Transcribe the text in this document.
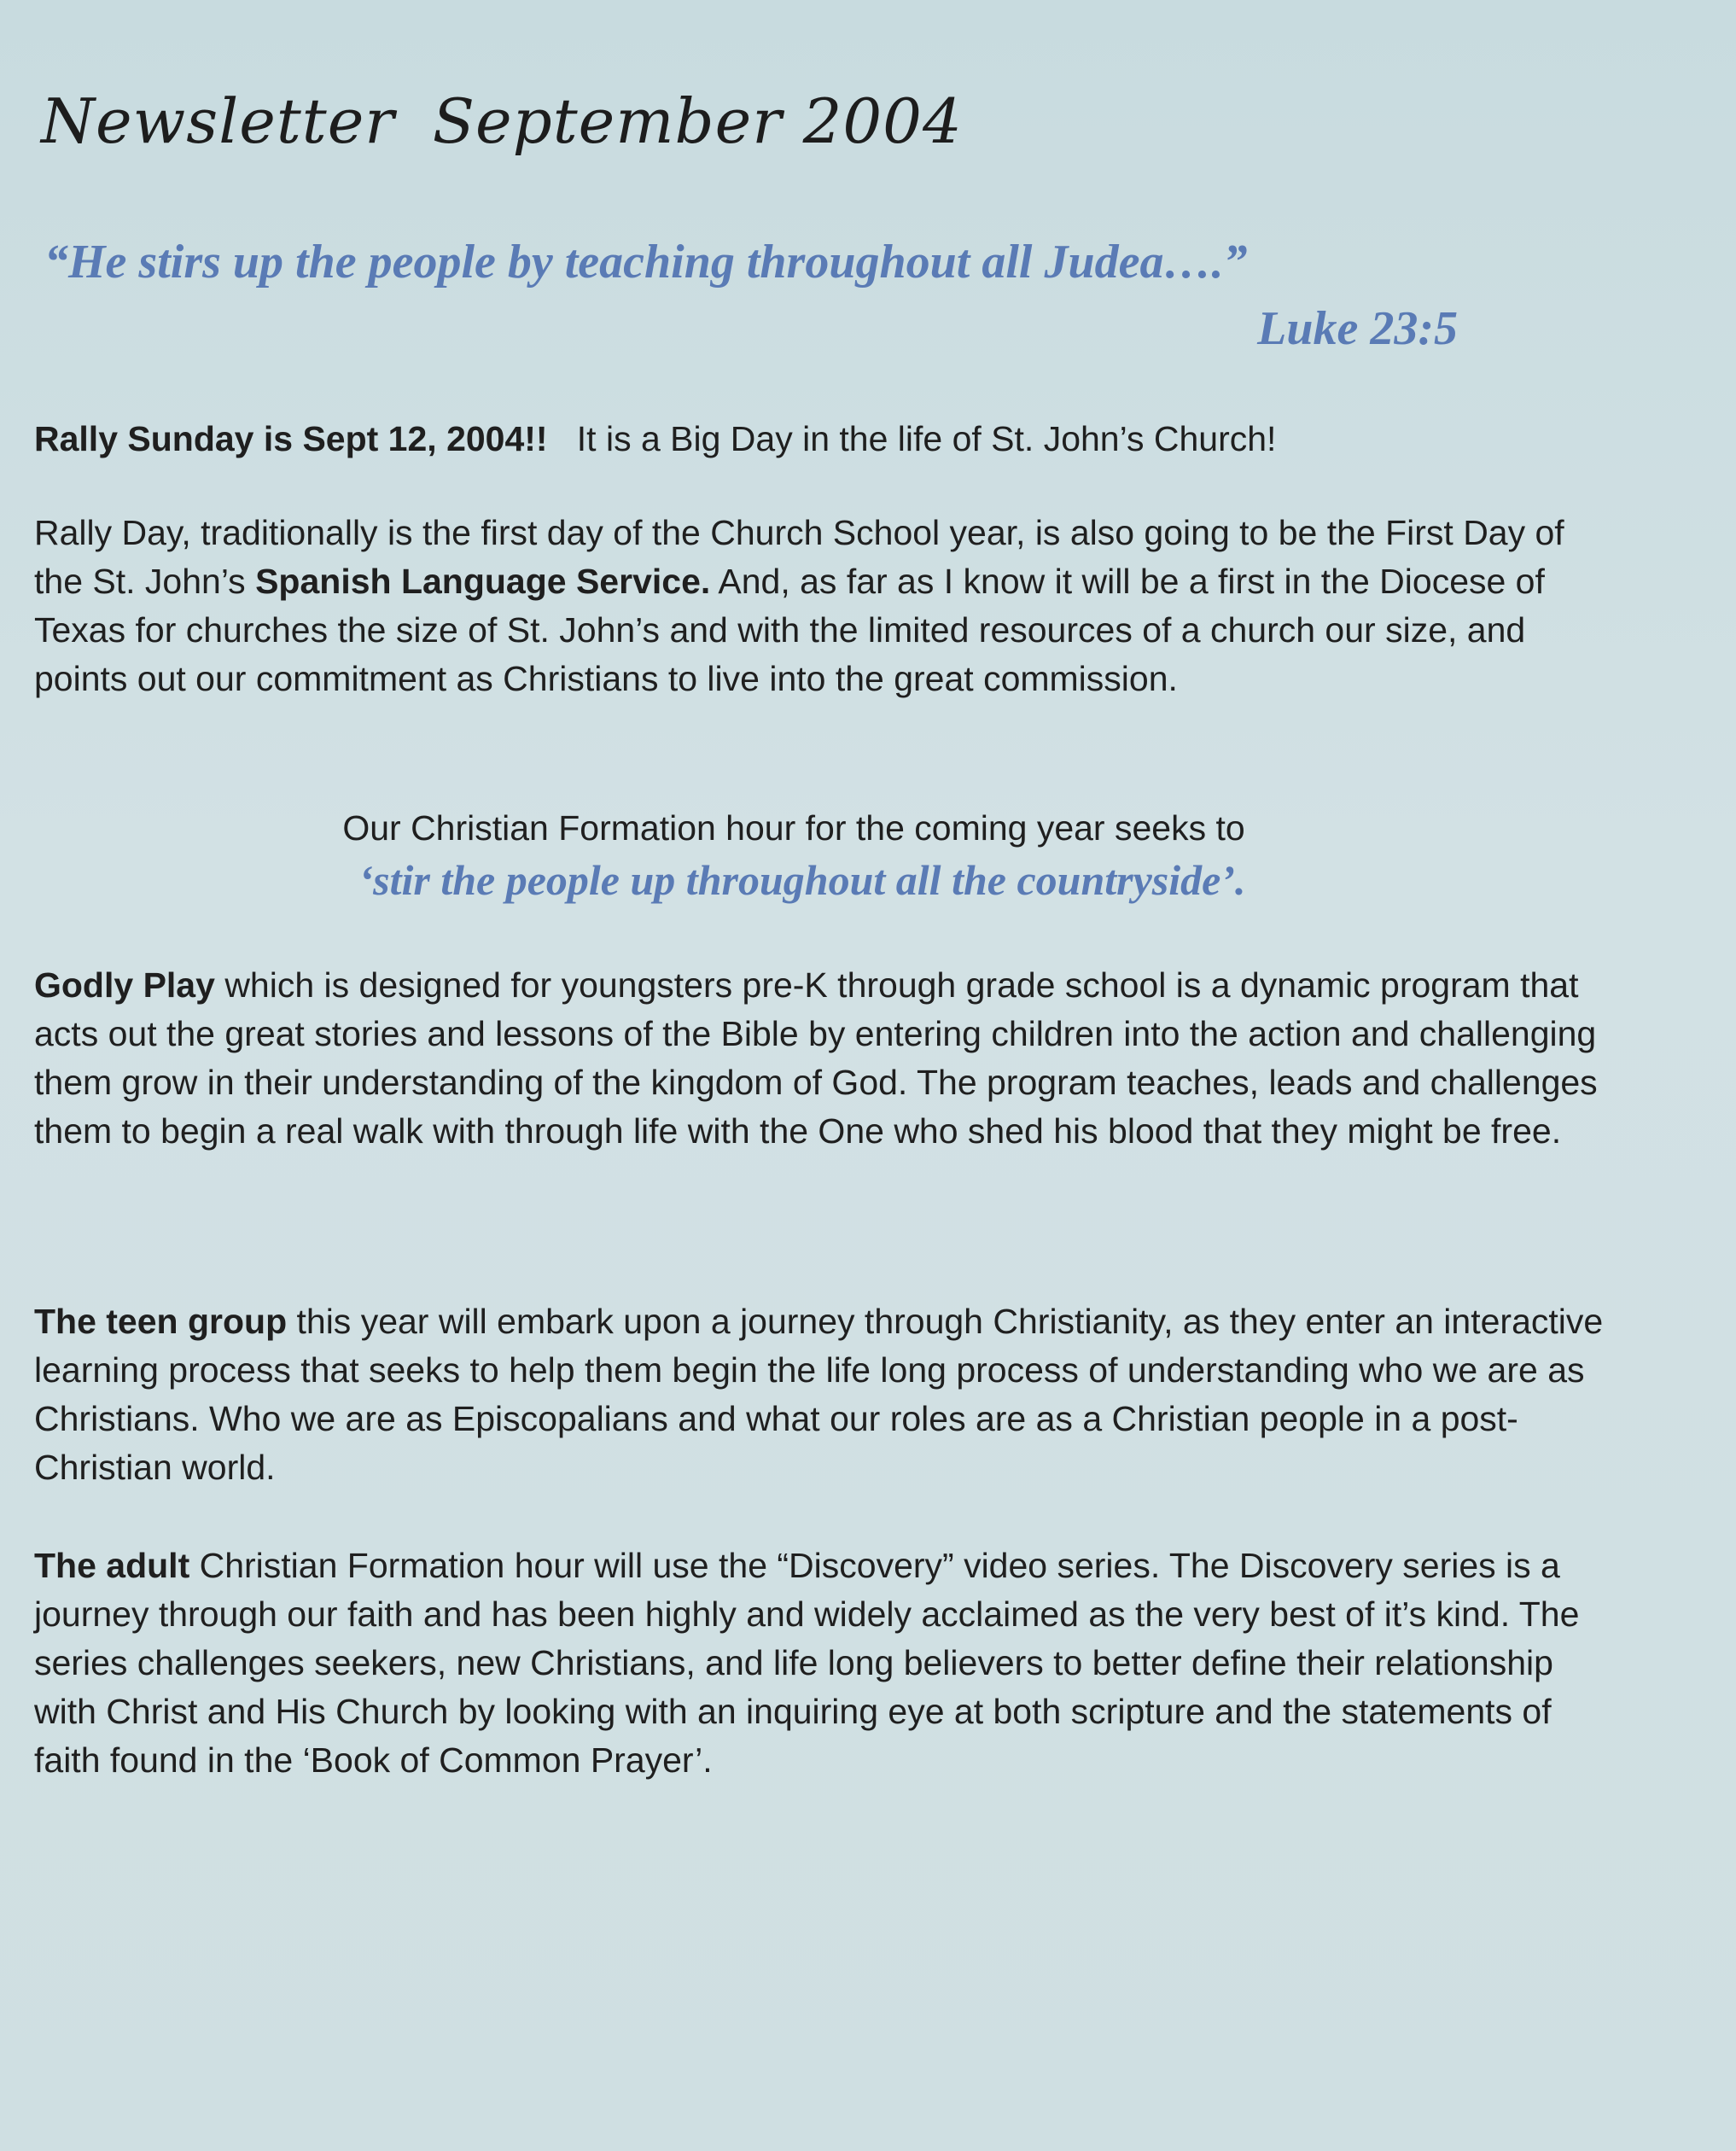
Newsletter September 2004

“He stirs up the people by teaching throughout all Judea….”
Luke 23:5

Rally Sunday is Sept 12, 2004!! It is a Big Day in the life of St. John’s Church!

Rally Day, traditionally is the first day of the Church School year, is also going to be the First Day of the St. John’s Spanish Language Service. And, as far as I know it will be a first in the Diocese of Texas for churches the size of St. John’s and with the limited resources of a church our size, and points out our commitment as Christians to live into the great commission.

Our Christian Formation hour for the coming year seeks to
‘stir the people up throughout all the countryside’.

Godly Play which is designed for youngsters pre-K through grade school is a dynamic program that acts out the great stories and lessons of the Bible by entering children into the action and challenging them grow in their understanding of the kingdom of God. The program teaches, leads and challenges them to begin a real walk with through life with the One who shed his blood that they might be free.

The teen group this year will embark upon a journey through Christianity, as they enter an interactive learning process that seeks to help them begin the life long process of understanding who we are as Christians. Who we are as Episcopalians and what our roles are as a Christian people in a post-Christian world.

The adult Christian Formation hour will use the “Discovery” video series. The Discovery series is a journey through our faith and has been highly and widely acclaimed as the very best of it’s kind. The series challenges seekers, new Christians, and life long believers to better define their relationship with Christ and His Church by looking with an inquiring eye at both scripture and the statements of faith found in the ‘Book of Common Prayer’.
